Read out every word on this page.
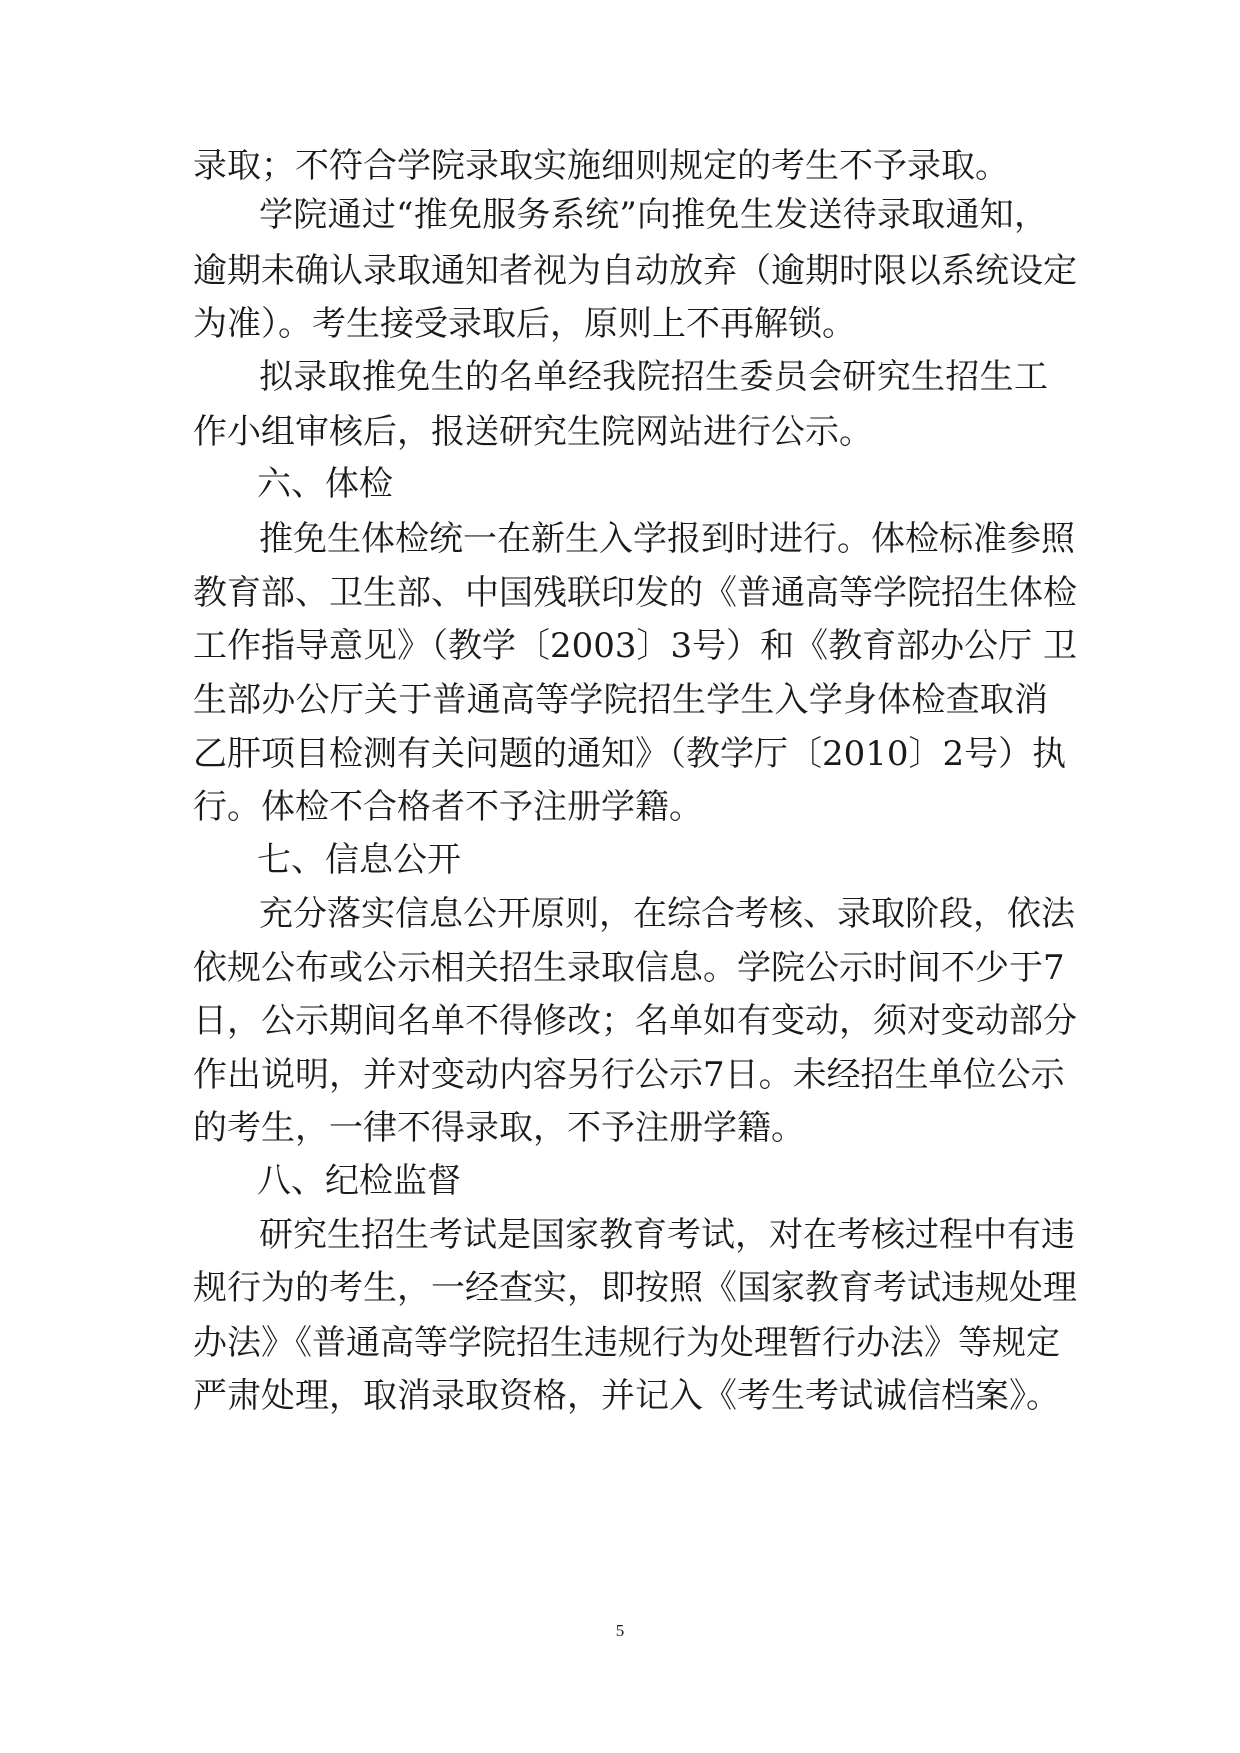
录取；不符合学院录取实施细则规定的考生不予录取。
学院通过“推免服务系统”向推免生发送待录取通知，
逾期未确认录取通知者视为自动放弃（逾期时限以系统设定
为准）。考生接受录取后，原则上不再解锁。
拟录取推免生的名单经我院招生委员会研究生招生工
作小组审核后，报送研究生院网站进行公示。
六、体检
推免生体检统一在新生入学报到时进行。体检标准参照
教育部、卫生部、中国残联印发的《普通高等学院招生体检
工作指导意见》（教学〔2003〕3号）和《教育部办公厅 卫
生部办公厅关于普通高等学院招生学生入学身体检查取消
乙肝项目检测有关问题的通知》（教学厅〔2010〕2号）执
行。体检不合格者不予注册学籍。
七、信息公开
充分落实信息公开原则，在综合考核、录取阶段，依法
依规公布或公示相关招生录取信息。学院公示时间不少于7
日，公示期间名单不得修改；名单如有变动，须对变动部分
作出说明，并对变动内容另行公示7日。未经招生单位公示
的考生，一律不得录取，不予注册学籍。
八、纪检监督
研究生招生考试是国家教育考试，对在考核过程中有违
规行为的考生，一经查实，即按照《国家教育考试违规处理
办法》《普通高等学院招生违规行为处理暂行办法》等规定
严肃处理，取消录取资格，并记入《考生考试诚信档案》。
5
